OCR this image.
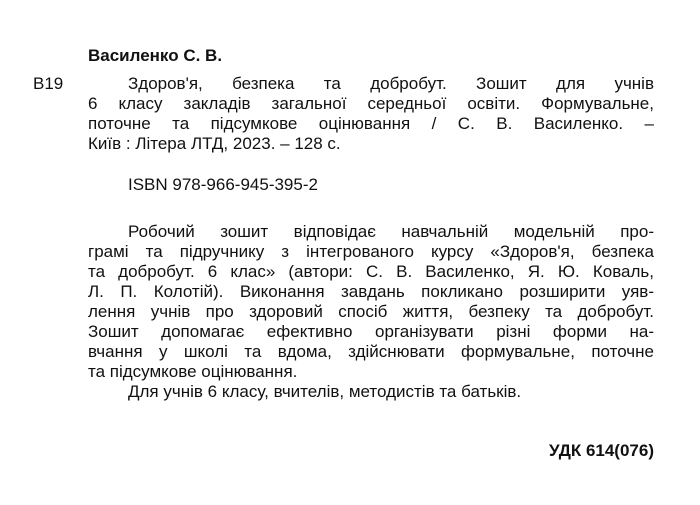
В19
Василенко С. В.
Здоров'я, безпека та добробут. Зошит для учнів
6 класу закладів загальної середньої освіти. Формувальне,
поточне та підсумкове оцінювання / С. В. Василенко. –
Київ : Літера ЛТД, 2023. – 128 с.
ISBN 978-966-945-395-2
Робочий зошит відповідає навчальній модельній про-
грамі та підручнику з інтегрованого курсу «Здоров'я, безпека
та добробут. 6 клас» (автори: С. В. Василенко, Я. Ю. Коваль,
Л. П. Колотій). Виконання завдань покликано розширити уяв-
лення учнів про здоровий спосіб життя, безпеку та добробут.
Зошит допомагає ефективно організувати різні форми на-
вчання у школі та вдома, здійснювати формувальне, поточне
та підсумкове оцінювання.
Для учнів 6 класу, вчителів, методистів та батьків.
УДК 614(076)
